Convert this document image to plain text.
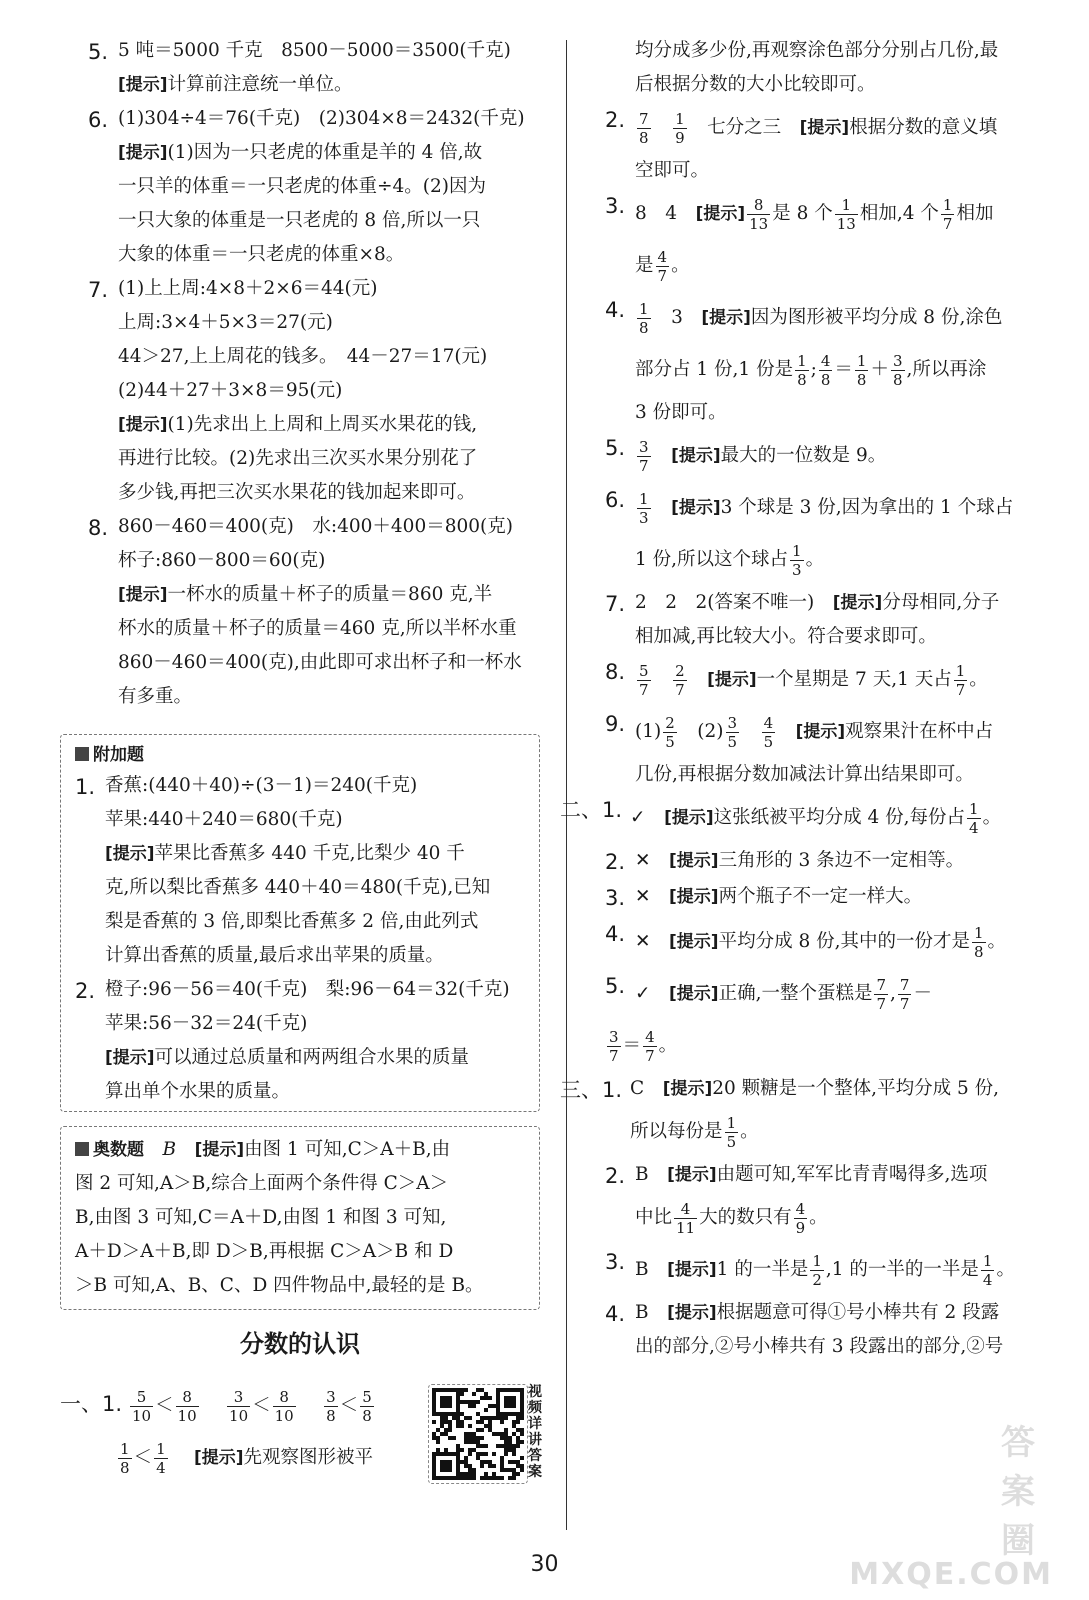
5. 5 吨＝5000 千克　8500－5000＝3500(千克)
[提示]计算前注意统一单位。
6. (1)304÷4＝76(千克)　(2)304×8＝2432(千克)
[提示](1)因为一只老虎的体重是羊的 4 倍,故
一只羊的体重＝一只老虎的体重÷4。(2)因为
一只大象的体重是一只老虎的 8 倍,所以一只
大象的体重＝一只老虎的体重×8。
7. (1)上上周:4×8＋2×6＝44(元)
上周:3×4＋5×3＝27(元)
44＞27,上上周花的钱多。　44－27＝17(元)
(2)44＋27＋3×8＝95(元)
[提示](1)先求出上上周和上周买水果花的钱,
再进行比较。(2)先求出三次买水果分别花了
多少钱,再把三次买水果花的钱加起来即可。
8. 860－460＝400(克)　水:400＋400＝800(克)
杯子:860－800＝60(克)
[提示]一杯水的质量＋杯子的质量＝860 克,半
杯水的质量＋杯子的质量＝460 克,所以半杯水重
860－460＝400(克),由此即可求出杯子和一杯水
有多重。
附加题
1. 香蕉:(440＋40)÷(3－1)＝240(千克)
苹果:440＋240＝680(千克)
[提示]苹果比香蕉多 440 千克,比梨少 40 千
克,所以梨比香蕉多 440＋40＝480(千克),已知
梨是香蕉的 3 倍,即梨比香蕉多 2 倍,由此列式
计算出香蕉的质量,最后求出苹果的质量。
2. 橙子:96－56＝40(千克)　梨:96－64＝32(千克)
苹果:56－32＝24(千克)
[提示]可以通过总质量和两两组合水果的质量
算出单个水果的质量。
奥数题　 B　[提示]由图 1 可知,C＞A＋B,由
图 2 可知,A＞B,综合上面两个条件得 C＞A＞
B,由图 3 可知,C＝A＋D,由图 1 和图 3 可知,
A＋D＞A＋B,即 D＞B,再根据 C＞A＞B 和 D
＞B 可知,A、B、C、D 四件物品中,最轻的是 B。
分数的认识
一、1. $\frac{5}{10} < \frac{8}{10}$
　 $\frac{3}{10} < \frac{8}{10}$
　 $\frac{3}{8} < \frac{5}{8}$
$\frac{1}{8} < \frac{1}{4}$
　 [提示]先观察图形被平
视频详讲答案
均分成多少份,再观察涂色部分分别占几份,最
后根据分数的大小比较即可。
2. $\frac{7}{8}$
　 $\frac{1}{9}$
　 七分之三　 [提示]根据分数的意义填
空即可。
3. 8　4　 [提示] $\frac{8}{13}$ 是 8 个 $\frac{1}{13}$ 相加,4 个 $\frac{1}{7}$ 相加
是 $\frac{4}{7}$ 。
4. $\frac{1}{8}$
　 3　 [提示]因为图形被平均分成 8 份,涂色
部分占 1 份,1 份是 $\frac{1}{8}$ ; $\frac{4}{8} = \frac{1}{8} + \frac{3}{8}$ ,所以再涂
3 份即可。
5. $\frac{3}{7}$
　 [提示]最大的一位数是 9。
6. $\frac{1}{3}$
　 [提示]3 个球是 3 份,因为拿出的 1 个球占
1 份,所以这个球占 $\frac{1}{3}$ 。
7. 2　2　2(答案不唯一)　 [提示]分母相同,分子
相加减,再比较大小。符合要求即可。
8. $\frac{5}{7}$
　 $\frac{2}{7}$
　 [提示]一个星期是 7 天,1 天占 $\frac{1}{7}$ 。
9. $(1) \frac{2}{5}$
　 $(2) \frac{3}{5}$
　 $\frac{4}{5}$
　 [提示]观察果汁在杯中占
几份,再根据分数加减法计算出结果即可。
二、1. ✓　 [提示]这张纸被平均分成 4 份,每份占 $\frac{1}{4}$ 。
2. ✕　 [提示]三角形的 3 条边不一定相等。
3. ✕　 [提示]两个瓶子不一定一样大。
4. ✕　 [提示]平均分成 8 份,其中的一份才是 $\frac{1}{8}$ 。
5. ✓　 [提示]正确,一整个蛋糕是 $\frac{7}{7}$ , $\frac{7}{7}$ －
$\frac{3}{7} = \frac{4}{7}$ 。
三、1. C　 [提示]20 颗糖是一个整体,平均分成 5 份,
所以每份是 $\frac{1}{5}$ 。
2. B　 [提示]由题可知,军军比青青喝得多,选项
中比 $\frac{4}{11}$ 大的数只有 $\frac{4}{9}$ 。
3. B　 [提示]1 的一半是 $\frac{1}{2} ,1$ 的一半的一半是 $\frac{1}{4}$ 。
4. B　 [提示]根据题意可得①号小棒共有 2 段露
出的部分,②号小棒共有 3 段露出的部分,②号
30
答案圈
MXQE.COM
